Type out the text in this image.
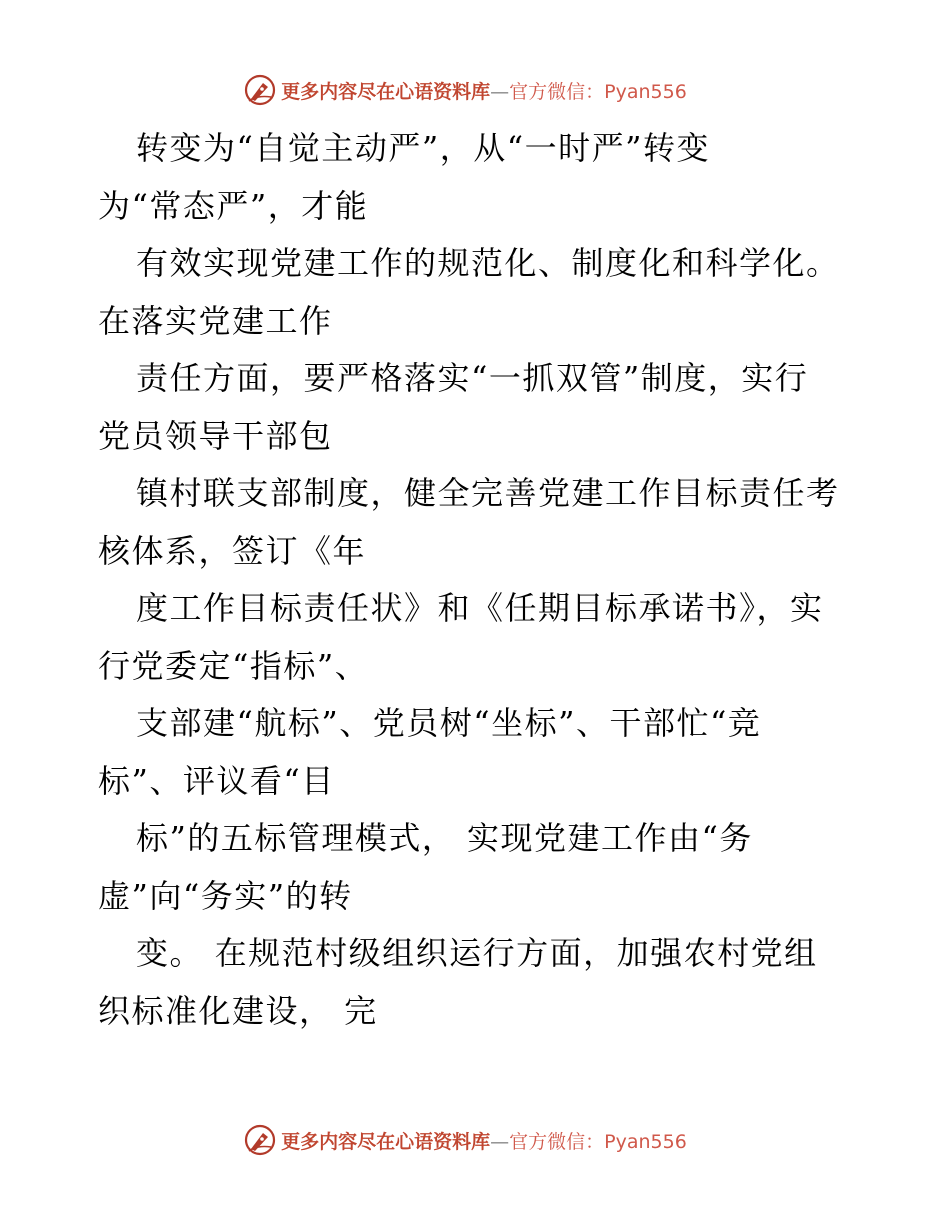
更多内容尽在心语资料库—官方微信：Pyan556

转变为“自觉主动严”，从“一时严”转变

为“常态严”，才能

有效实现党建工作的规范化、制度化和科学化。

在落实党建工作

责任方面，要严格落实“一抓双管”制度，实行

党员领导干部包

镇村联支部制度，健全完善党建工作目标责任考

核体系，签订《年

度工作目标责任状》和《任期目标承诺书》，实

行党委定“指标”、

支部建“航标”、党员树“坐标”、干部忙“竞

标”、评议看“目

标”的五标管理模式， 实现党建工作由“务

虚”向“务实”的转

变。 在规范村级组织运行方面，加强农村党组

织标准化建设， 完

更多内容尽在心语资料库—官方微信：Pyan556
